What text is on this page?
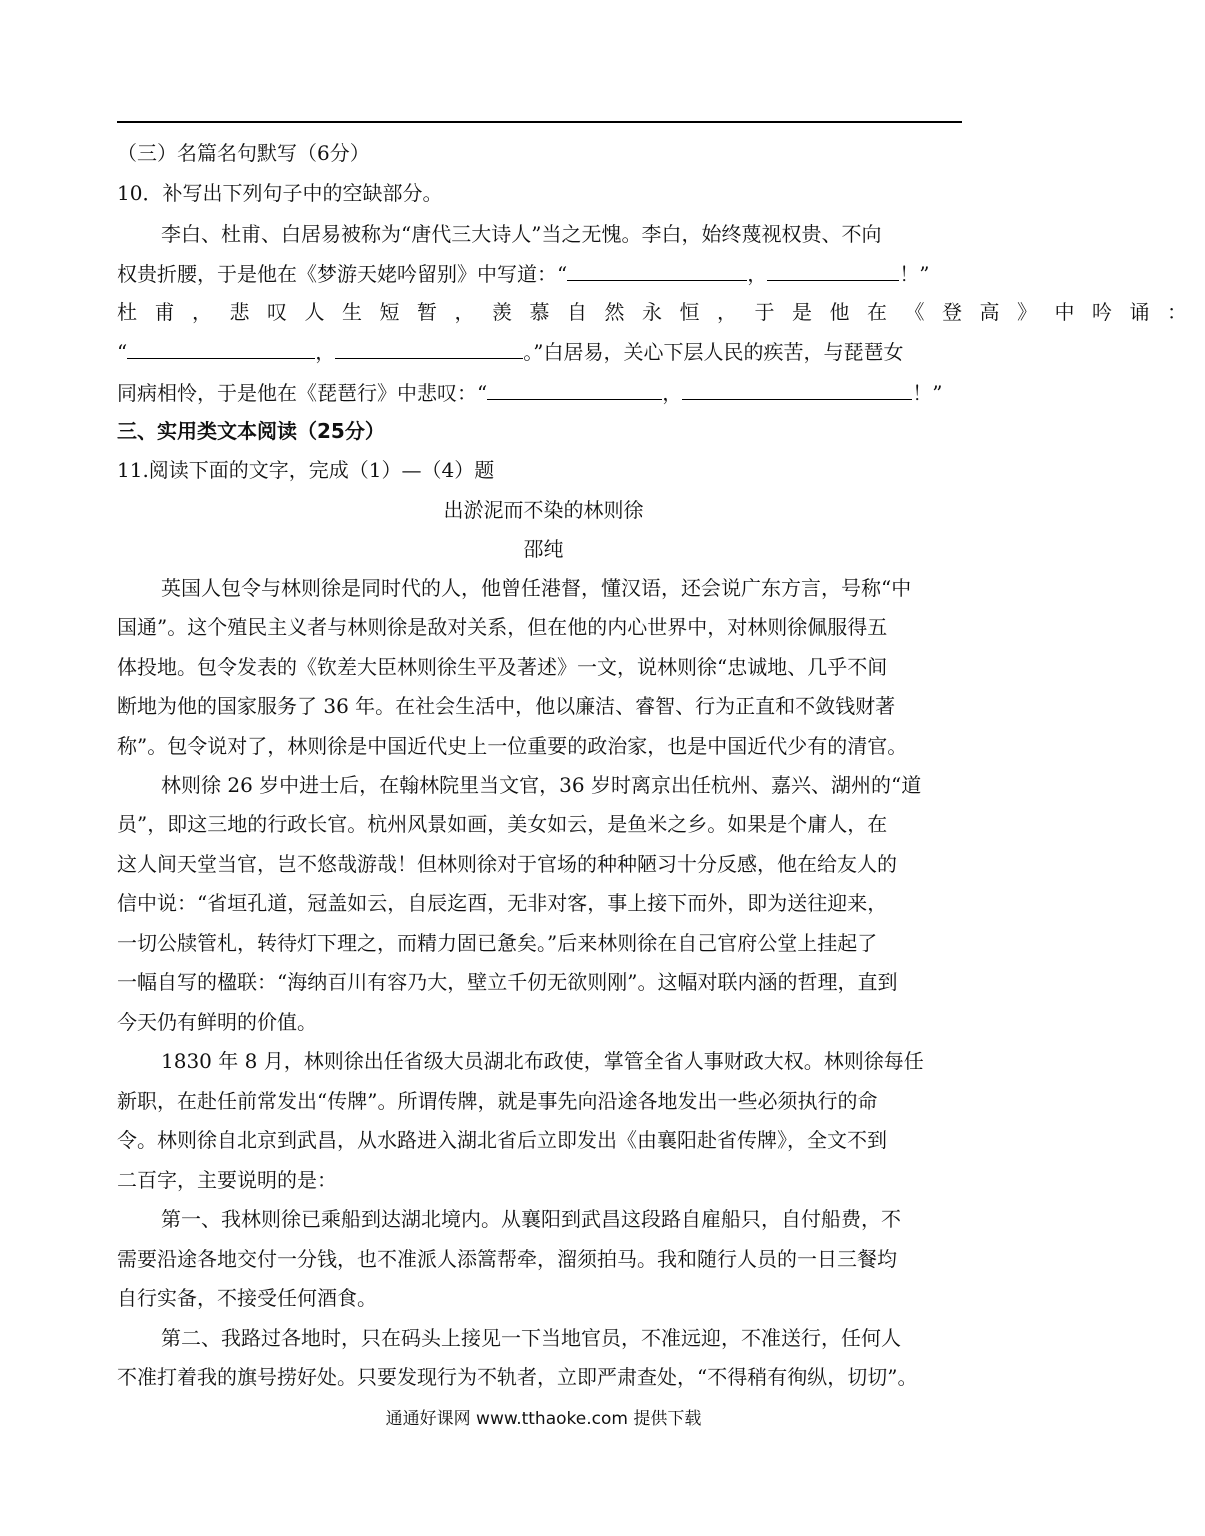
（三）名篇名句默写（6分）
10．补写出下列句子中的空缺部分。
李白、杜甫、白居易被称为“唐代三大诗人”当之无愧。李白，始终蔑视权贵、不向
权贵折腰，于是他在《梦游天姥吟留别》中写道：“	，	！”
杜甫，悲叹人生短暂，羡慕自然永恒，于是他在《登高》中吟诵：
“	，	。”白居易，关心下层人民的疾苦，与琵琶女
同病相怜，于是他在《琵琶行》中悲叹：“	，	！”
三、实用类文本阅读（25分）
11.阅读下面的文字，完成（1）—（4）题
出淤泥而不染的林则徐
邵纯
英国人包令与林则徐是同时代的人，他曾任港督，懂汉语，还会说广东方言，号称“中
国通”。这个殖民主义者与林则徐是敌对关系，但在他的内心世界中，对林则徐佩服得五
体投地。包令发表的《钦差大臣林则徐生平及著述》一文，说林则徐“忠诚地、几乎不间
断地为他的国家服务了 36 年。在社会生活中，他以廉洁、睿智、行为正直和不敛钱财著
称”。包令说对了，林则徐是中国近代史上一位重要的政治家，也是中国近代少有的清官。
林则徐 26 岁中进士后，在翰林院里当文官，36 岁时离京出任杭州、嘉兴、湖州的“道
员”，即这三地的行政长官。杭州风景如画，美女如云，是鱼米之乡。如果是个庸人，在
这人间天堂当官，岂不悠哉游哉！但林则徐对于官场的种种陋习十分反感，他在给友人的
信中说：“省垣孔道，冠盖如云，自辰迄酉，无非对客，事上接下而外，即为送往迎来，
一切公牍管札，转待灯下理之，而精力固已惫矣。”后来林则徐在自己官府公堂上挂起了
一幅自写的楹联：“海纳百川有容乃大，壁立千仞无欲则刚”。这幅对联内涵的哲理，直到
今天仍有鲜明的价值。
1830 年 8 月，林则徐出任省级大员湖北布政使，掌管全省人事财政大权。林则徐每任
新职，在赴任前常发出“传牌”。所谓传牌，就是事先向沿途各地发出一些必须执行的命
令。林则徐自北京到武昌，从水路进入湖北省后立即发出《由襄阳赴省传牌》，全文不到
二百字，主要说明的是：
第一、我林则徐已乘船到达湖北境内。从襄阳到武昌这段路自雇船只，自付船费，不
需要沿途各地交付一分钱，也不准派人添篙帮牵，溜须拍马。我和随行人员的一日三餐均
自行实备，不接受任何酒食。
第二、我路过各地时，只在码头上接见一下当地官员，不准远迎，不准送行，任何人
不准打着我的旗号捞好处。只要发现行为不轨者，立即严肃查处，“不得稍有徇纵，切切”。
通通好课网 www.tthaoke.com 提供下载
